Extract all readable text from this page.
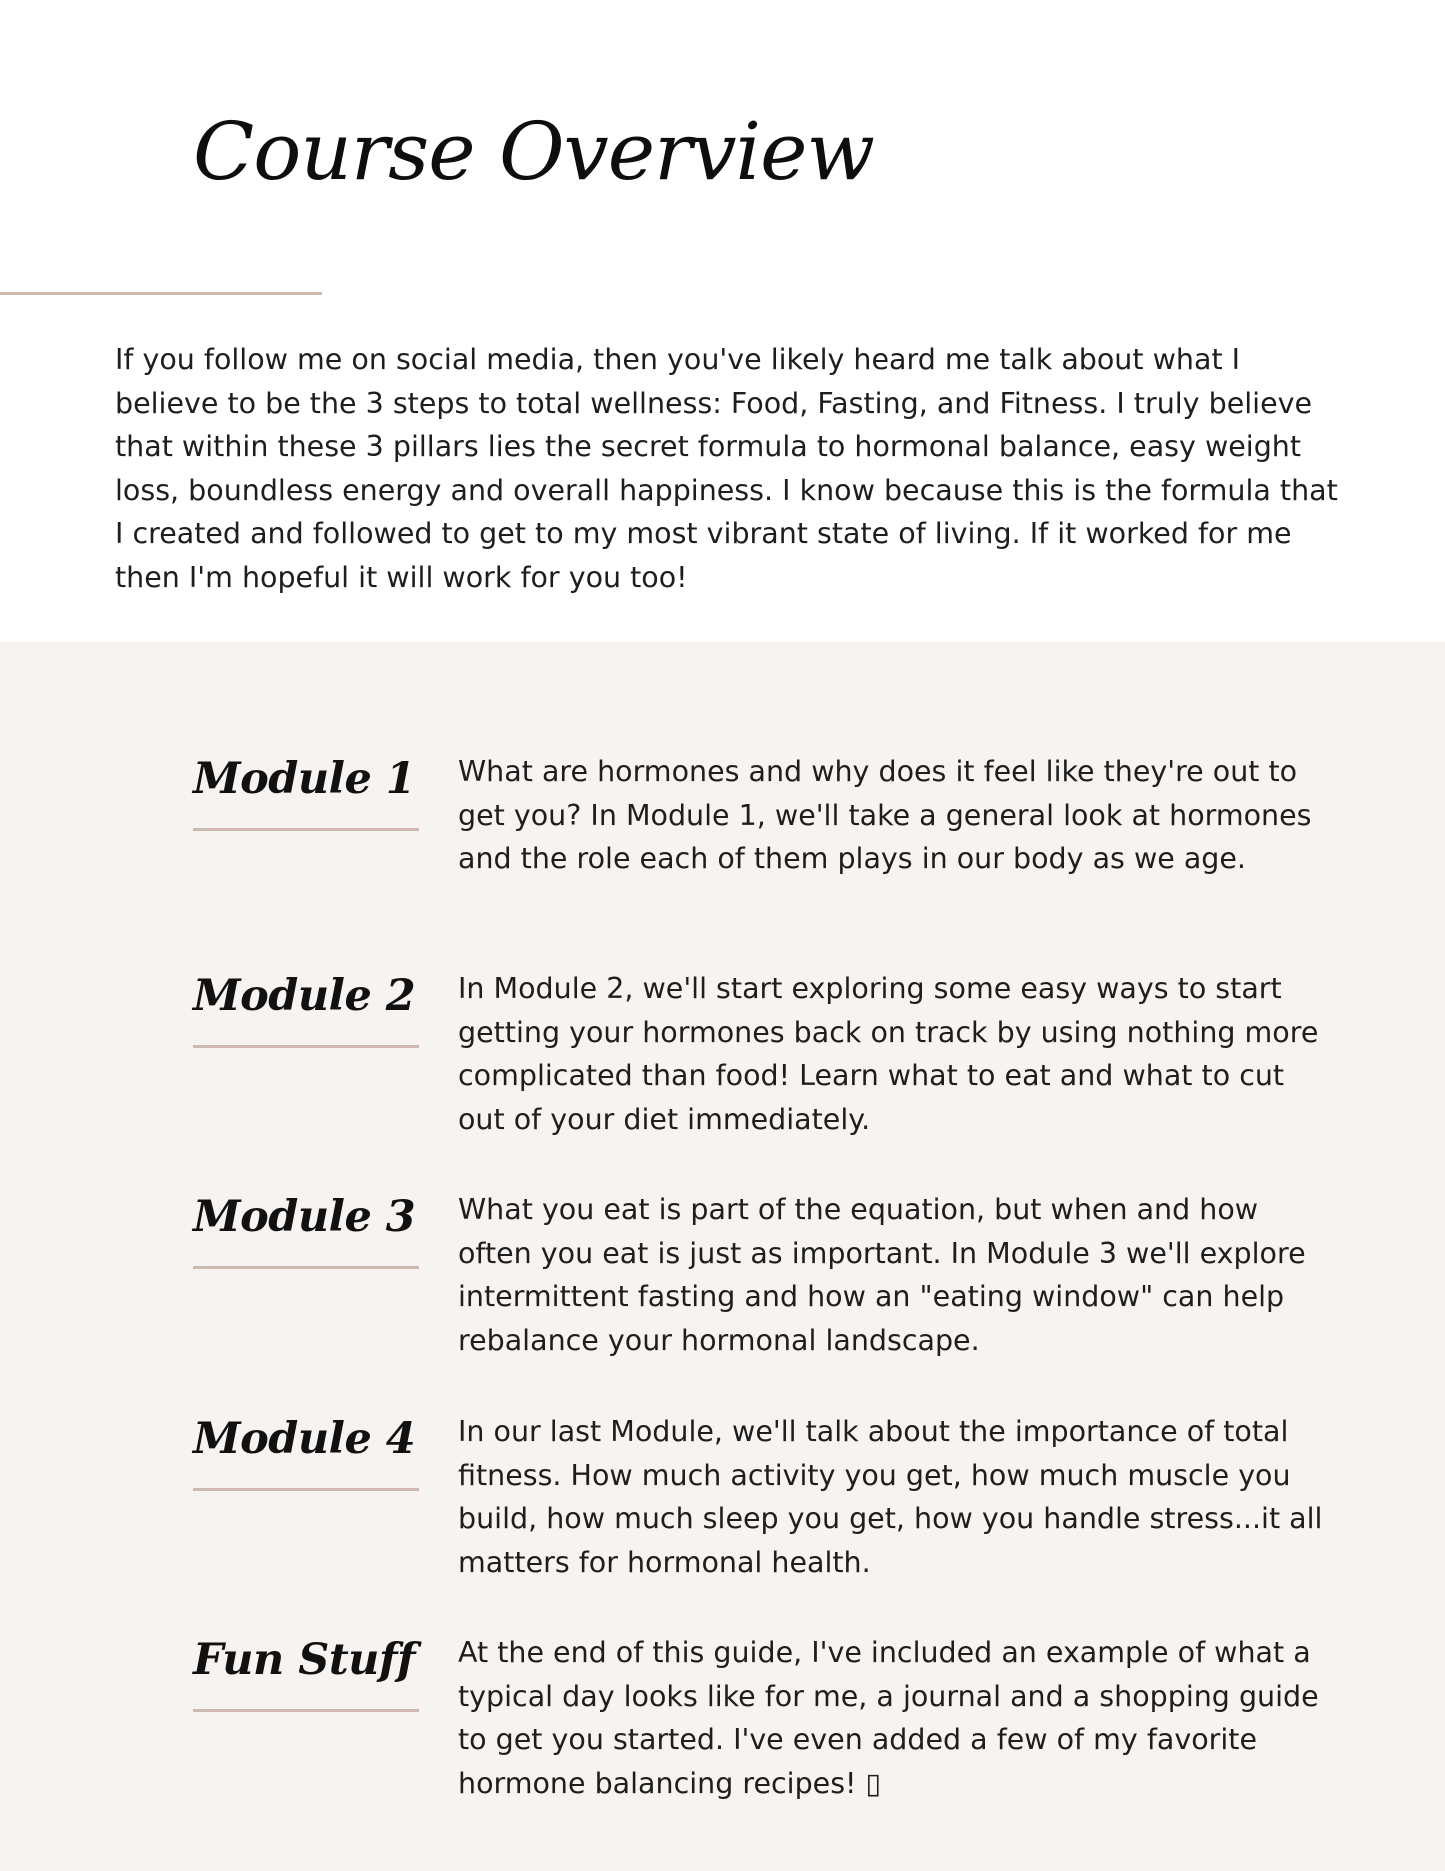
Course Overview

If you follow me on social media, then you've likely heard me talk about what I believe to be the 3 steps to total wellness: Food, Fasting, and Fitness. I truly believe that within these 3 pillars lies the secret formula to hormonal balance, easy weight loss, boundless energy and overall happiness. I know because this is the formula that I created and followed to get to my most vibrant state of living. If it worked for me then I'm hopeful it will work for you too!

Module 1 What are hormones and why does it feel like they're out to get you? In Module 1, we'll take a general look at hormones and the role each of them plays in our body as we age.

Module 2 In Module 2, we'll start exploring some easy ways to start getting your hormones back on track by using nothing more complicated than food! Learn what to eat and what to cut out of your diet immediately.

Module 3 What you eat is part of the equation, but when and how often you eat is just as important. In Module 3 we'll explore intermittent fasting and how an "eating window" can help rebalance your hormonal landscape.

Module 4 In our last Module, we'll talk about the importance of total fitness. How much activity you get, how much muscle you build, how much sleep you get, how you handle stress...it all matters for hormonal health.

Fun Stuff At the end of this guide, I've included an example of what a typical day looks like for me, a journal and a shopping guide to get you started. I've even added a few of my favorite hormone balancing recipes! ▯
